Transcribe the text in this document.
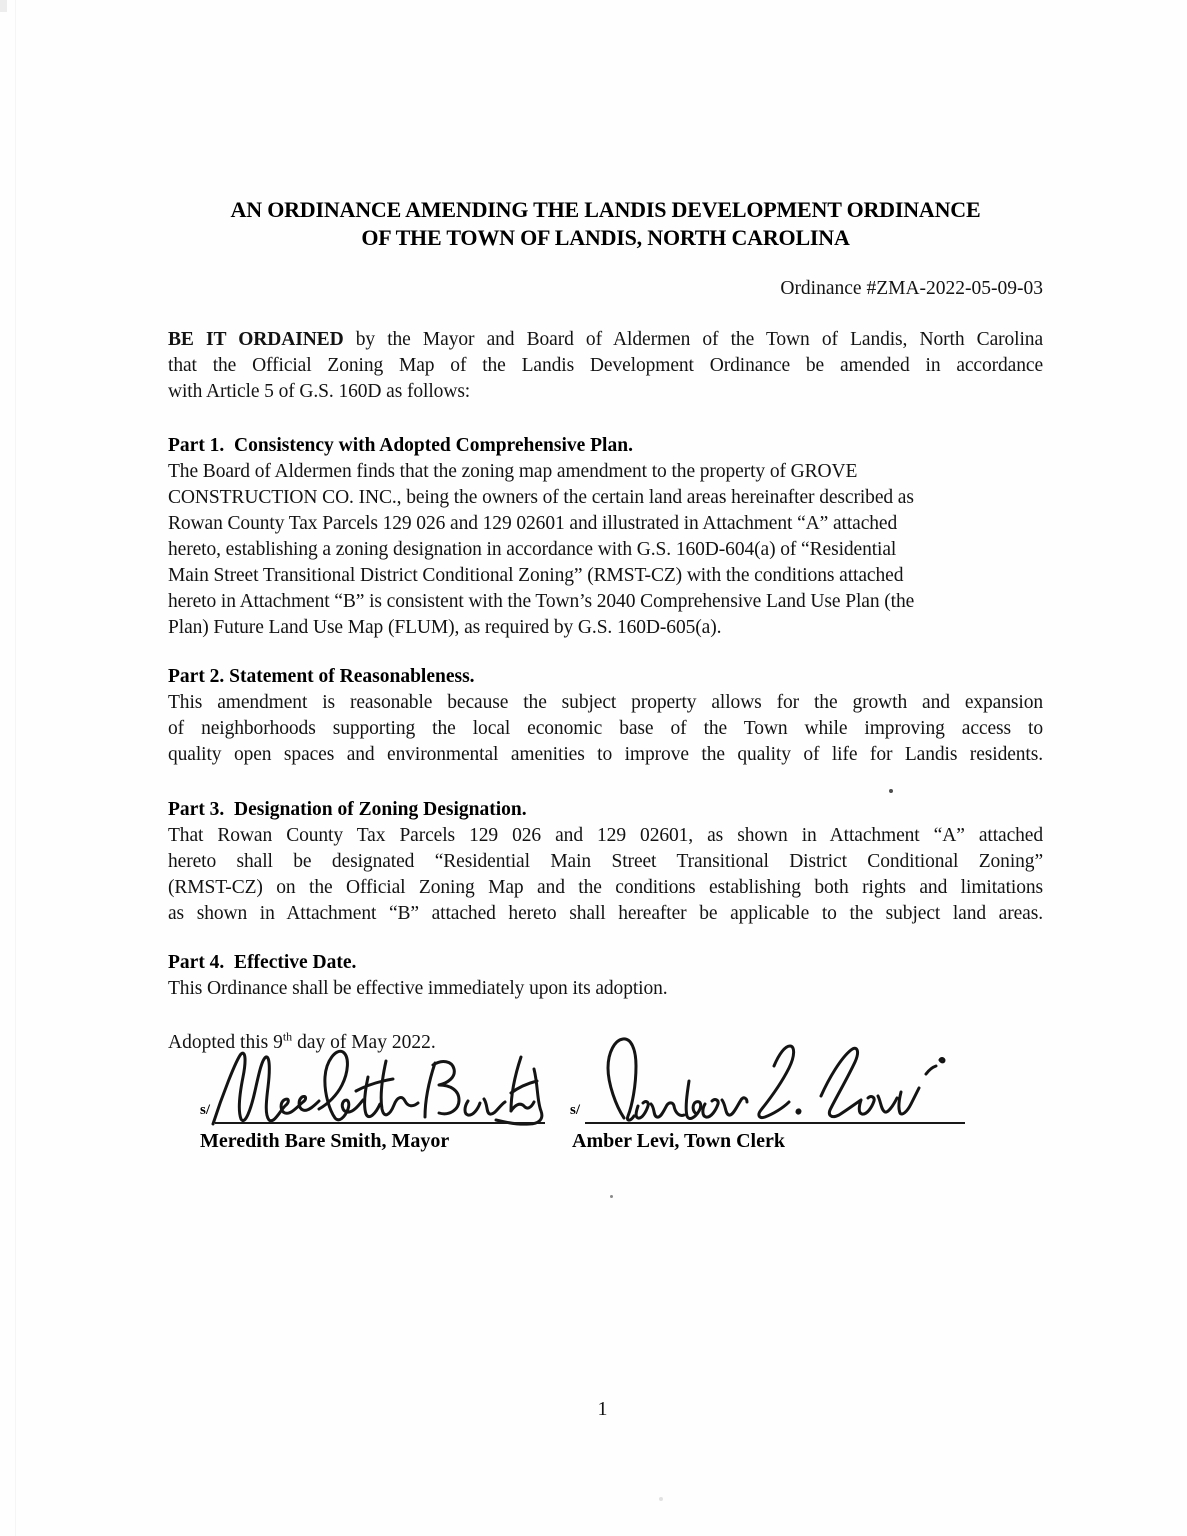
AN ORDINANCE AMENDING THE LANDIS DEVELOPMENT ORDINANCE
OF THE TOWN OF LANDIS, NORTH CAROLINA
Ordinance #ZMA-2022-05-09-03
BE IT ORDAINED by the Mayor and Board of Aldermen of the Town of Landis, North Carolina
that the Official Zoning Map of the Landis Development Ordinance be amended in accordance
with Article 5 of G.S. 160D as follows:
Part 1.  Consistency with Adopted Comprehensive Plan.
The Board of Aldermen finds that the zoning map amendment to the property of GROVE
CONSTRUCTION CO. INC., being the owners of the certain land areas hereinafter described as
Rowan County Tax Parcels 129 026 and 129 02601 and illustrated in Attachment “A” attached
hereto, establishing a zoning designation in accordance with G.S. 160D-604(a) of “Residential
Main Street Transitional District Conditional Zoning” (RMST-CZ) with the conditions attached
hereto in Attachment “B” is consistent with the Town’s 2040 Comprehensive Land Use Plan (the
Plan) Future Land Use Map (FLUM), as required by G.S. 160D-605(a).
Part 2. Statement of Reasonableness.
This amendment is reasonable because the subject property allows for the growth and expansion
of neighborhoods supporting the local economic base of the Town while improving access to
quality open spaces and environmental amenities to improve the quality of life for Landis residents.
Part 3.  Designation of Zoning Designation.
That Rowan County Tax Parcels 129 026 and 129 02601, as shown in Attachment “A” attached
hereto shall be designated “Residential Main Street Transitional District Conditional Zoning”
(RMST-CZ) on the Official Zoning Map and the conditions establishing both rights and limitations
as shown in Attachment “B” attached hereto shall hereafter be applicable to the subject land areas.
Part 4.  Effective Date.
This Ordinance shall be effective immediately upon its adoption.
Adopted this 9th day of May 2022.
s/
Meredith Bare Smith, Mayor
s/
Amber Levi, Town Clerk
1
